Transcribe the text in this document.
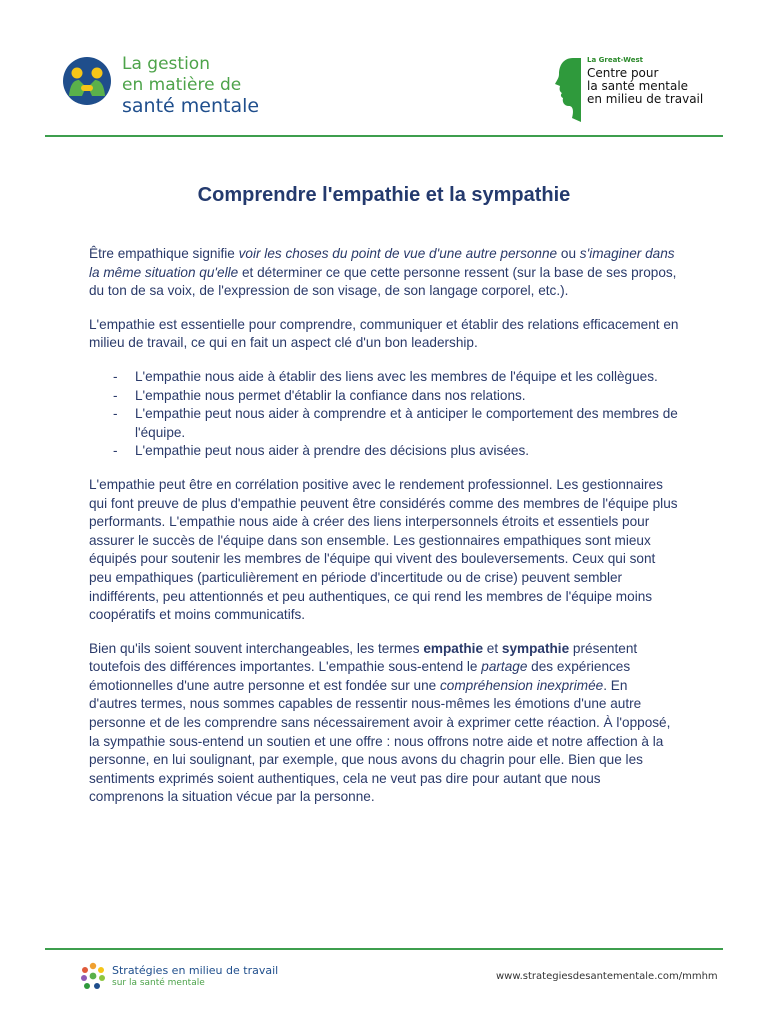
La gestion
en matière de
santé mentale
La Great-West
Centre pour
la santé mentale
en milieu de travail
Comprendre l'empathie et la sympathie

Être empathique signifie voir les choses du point de vue d'une autre personne ou s'imaginer dans la même situation qu'elle et déterminer ce que cette personne ressent (sur la base de ses propos, du ton de sa voix, de l'expression de son visage, de son langage corporel, etc.).

L'empathie est essentielle pour comprendre, communiquer et établir des relations efficacement en milieu de travail, ce qui en fait un aspect clé d'un bon leadership.

- L'empathie nous aide à établir des liens avec les membres de l'équipe et les collègues.
- L'empathie nous permet d'établir la confiance dans nos relations.
- L'empathie peut nous aider à comprendre et à anticiper le comportement des membres de l'équipe.
- L'empathie peut nous aider à prendre des décisions plus avisées.

L'empathie peut être en corrélation positive avec le rendement professionnel. Les gestionnaires qui font preuve de plus d'empathie peuvent être considérés comme des membres de l'équipe plus performants. L'empathie nous aide à créer des liens interpersonnels étroits et essentiels pour assurer le succès de l'équipe dans son ensemble. Les gestionnaires empathiques sont mieux équipés pour soutenir les membres de l'équipe qui vivent des bouleversements. Ceux qui sont peu empathiques (particulièrement en période d'incertitude ou de crise) peuvent sembler indifférents, peu attentionnés et peu authentiques, ce qui rend les membres de l'équipe moins coopératifs et moins communicatifs.

Bien qu'ils soient souvent interchangeables, les termes empathie et sympathie présentent toutefois des différences importantes. L'empathie sous-entend le partage des expériences émotionnelles d'une autre personne et est fondée sur une compréhension inexprimée. En d'autres termes, nous sommes capables de ressentir nous-mêmes les émotions d'une autre personne et de les comprendre sans nécessairement avoir à exprimer cette réaction. À l'opposé, la sympathie sous-entend un soutien et une offre : nous offrons notre aide et notre affection à la personne, en lui soulignant, par exemple, que nous avons du chagrin pour elle. Bien que les sentiments exprimés soient authentiques, cela ne veut pas dire pour autant que nous comprenons la situation vécue par la personne.

Stratégies en milieu de travail
sur la santé mentale
www.strategiesdesantementale.com/mmhm
